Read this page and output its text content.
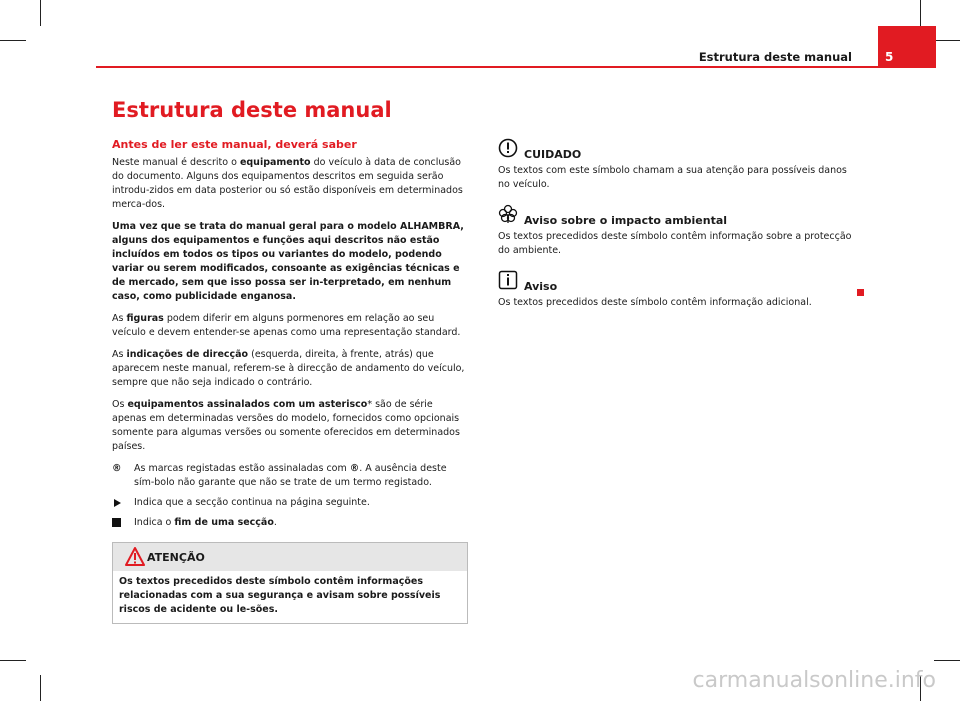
Estrutura deste manual	5
Estrutura deste manual
Antes de ler este manual, deverá saber

Neste manual é descrito o equipamento do veículo à data de conclusão do documento. Alguns dos equipamentos descritos em seguida serão introdu-zidos em data posterior ou só estão disponíveis em determinados merca-dos.

Uma vez que se trata do manual geral para o modelo ALHAMBRA, alguns dos equipamentos e funções aqui descritos não estão incluídos em todos os tipos ou variantes do modelo, podendo variar ou serem modificados, consoante as exigências técnicas e de mercado, sem que isso possa ser in-terpretado, em nenhum caso, como publicidade enganosa.

As figuras podem diferir em alguns pormenores em relação ao seu veículo e devem entender-se apenas como uma representação standard.

As indicações de direcção (esquerda, direita, à frente, atrás) que aparecem neste manual, referem-se à direcção de andamento do veículo, sempre que não seja indicado o contrário.

Os equipamentos assinalados com um asterisco* são de série apenas em determinadas versões do modelo, fornecidos como opcionais somente para algumas versões ou somente oferecidos em determinados países.

® As marcas registadas estão assinaladas com ®. A ausência deste sím-bolo não garante que não se trate de um termo registado.
Indica que a secção continua na página seguinte.
Indica o fim de uma secção.
ATENÇÃO
Os textos precedidos deste símbolo contêm informações relacionadas com a sua segurança e avisam sobre possíveis riscos de acidente ou le-sões.
CUIDADO
Os textos com este símbolo chamam a sua atenção para possíveis danos no veículo.
Aviso sobre o impacto ambiental
Os textos precedidos deste símbolo contêm informação sobre a protecção do ambiente.
Aviso
Os textos precedidos deste símbolo contêm informação adicional.
carmanualsonline.info
